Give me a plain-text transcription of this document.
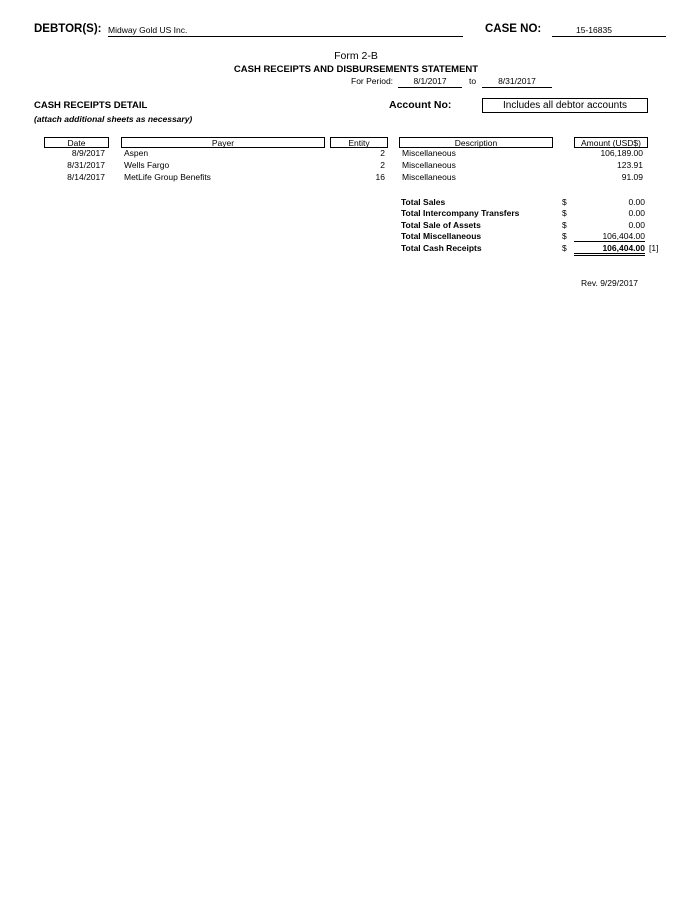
DEBTOR(S): Midway Gold US Inc.	CASE NO:	15-16835
Form 2-B
CASH RECEIPTS AND DISBURSEMENTS STATEMENT
For Period:	8/1/2017	to	8/31/2017
CASH RECEIPTS DETAIL
(attach additional sheets as necessary)
Account No:	Includes all debtor accounts
Date	Payer	Entity	Description	Amount (USD$)
8/9/2017 Aspen	2 Miscellaneous	106,189.00
8/31/2017 Wells Fargo	2 Miscellaneous	123.91
8/14/2017 MetLife Group Benefits	16 Miscellaneous	91.09
Total Sales	$	0.00
Total Intercompany Transfers	$	0.00
Total Sale of Assets	$	0.00
Total Miscellaneous	$	106,404.00
Total Cash Receipts	$	106,404.00 [1]
Rev. 9/29/2017
